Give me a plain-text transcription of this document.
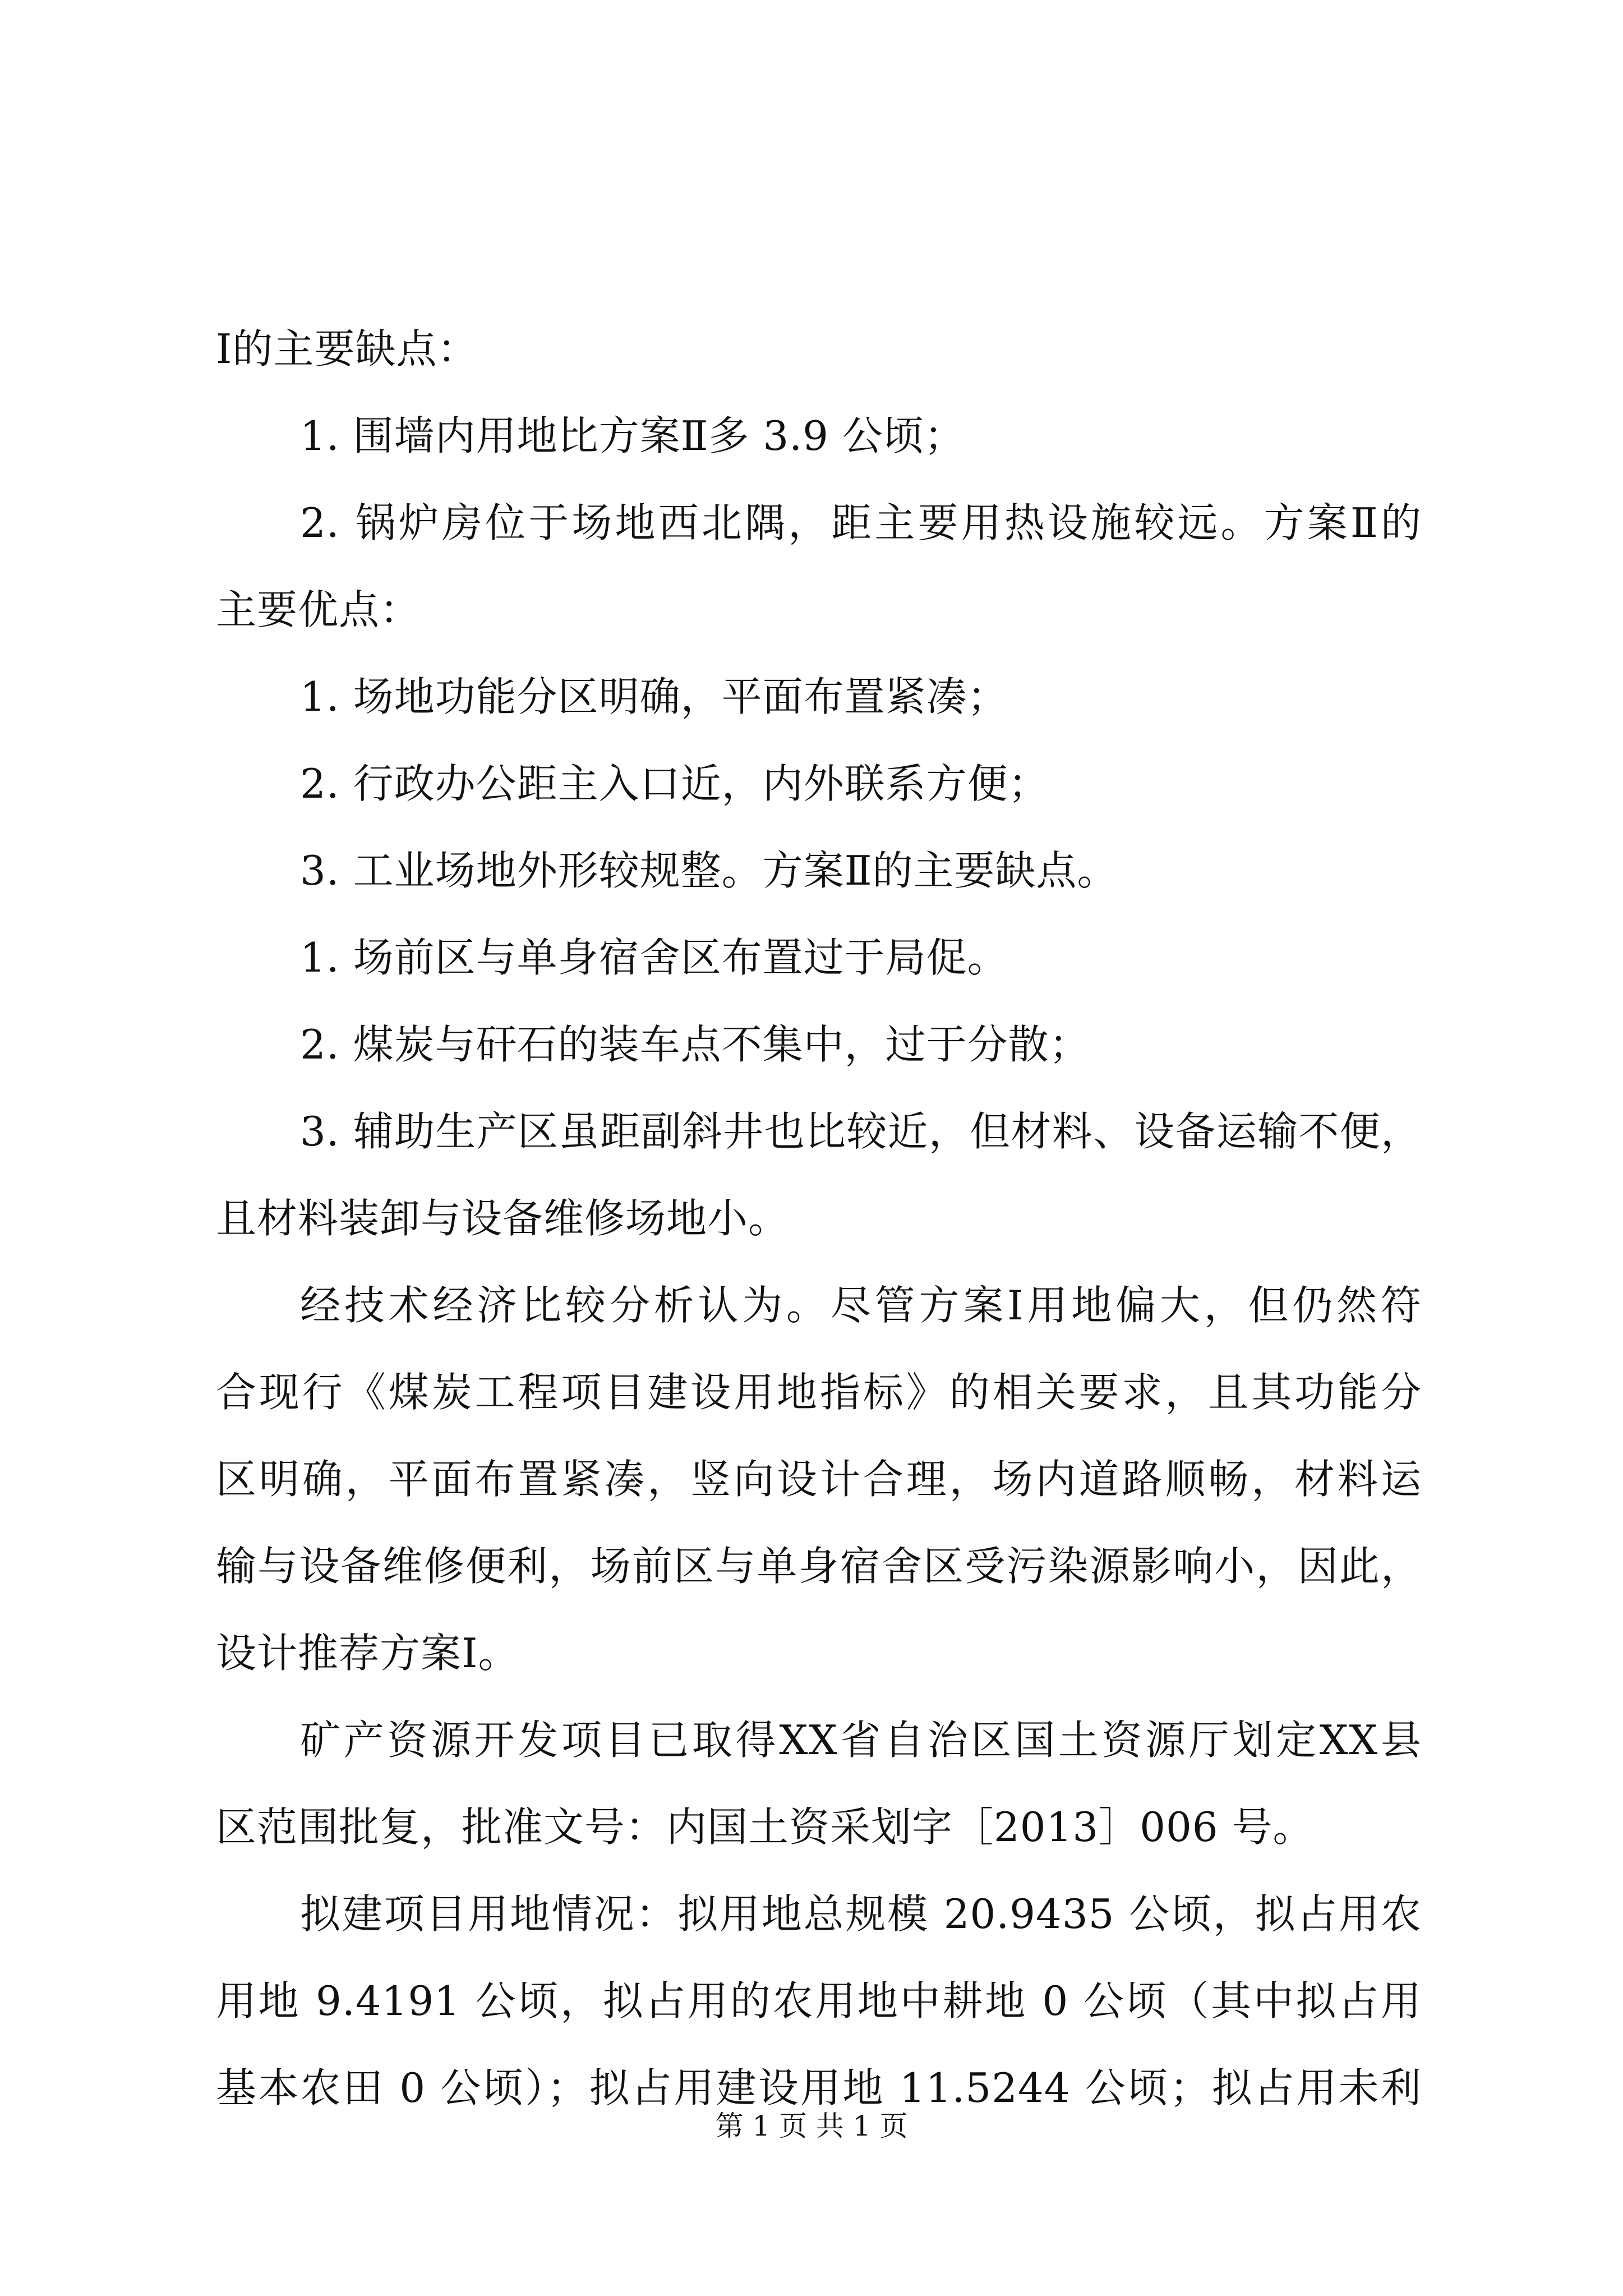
Ⅰ的主要缺点：
1. 围墙内用地比方案Ⅱ多 3.9 公顷；
2. 锅炉房位于场地西北隅，距主要用热设施较远。方案Ⅱ的
主要优点：
1. 场地功能分区明确，平面布置紧凑；
2. 行政办公距主入口近，内外联系方便；
3. 工业场地外形较规整。方案Ⅱ的主要缺点。
1. 场前区与单身宿舍区布置过于局促。
2. 煤炭与矸石的装车点不集中，过于分散；
3. 辅助生产区虽距副斜井也比较近，但材料、设备运输不便，
且材料装卸与设备维修场地小。
经技术经济比较分析认为。尽管方案Ⅰ用地偏大，但仍然符
合现行《煤炭工程项目建设用地指标》的相关要求，且其功能分
区明确，平面布置紧凑，竖向设计合理，场内道路顺畅，材料运
输与设备维修便利，场前区与单身宿舍区受污染源影响小，因此，
设计推荐方案Ⅰ。
矿产资源开发项目已取得XX省自治区国土资源厅划定XX县
区范围批复，批准文号：内国土资采划字［2013］006 号。
拟建项目用地情况：拟用地总规模 20.9435 公顷，拟占用农
用地 9.4191 公顷，拟占用的农用地中耕地 0 公顷（其中拟占用
基本农田 0 公顷）；拟占用建设用地 11.5244 公顷；拟占用未利
第 1 页 共 1 页
